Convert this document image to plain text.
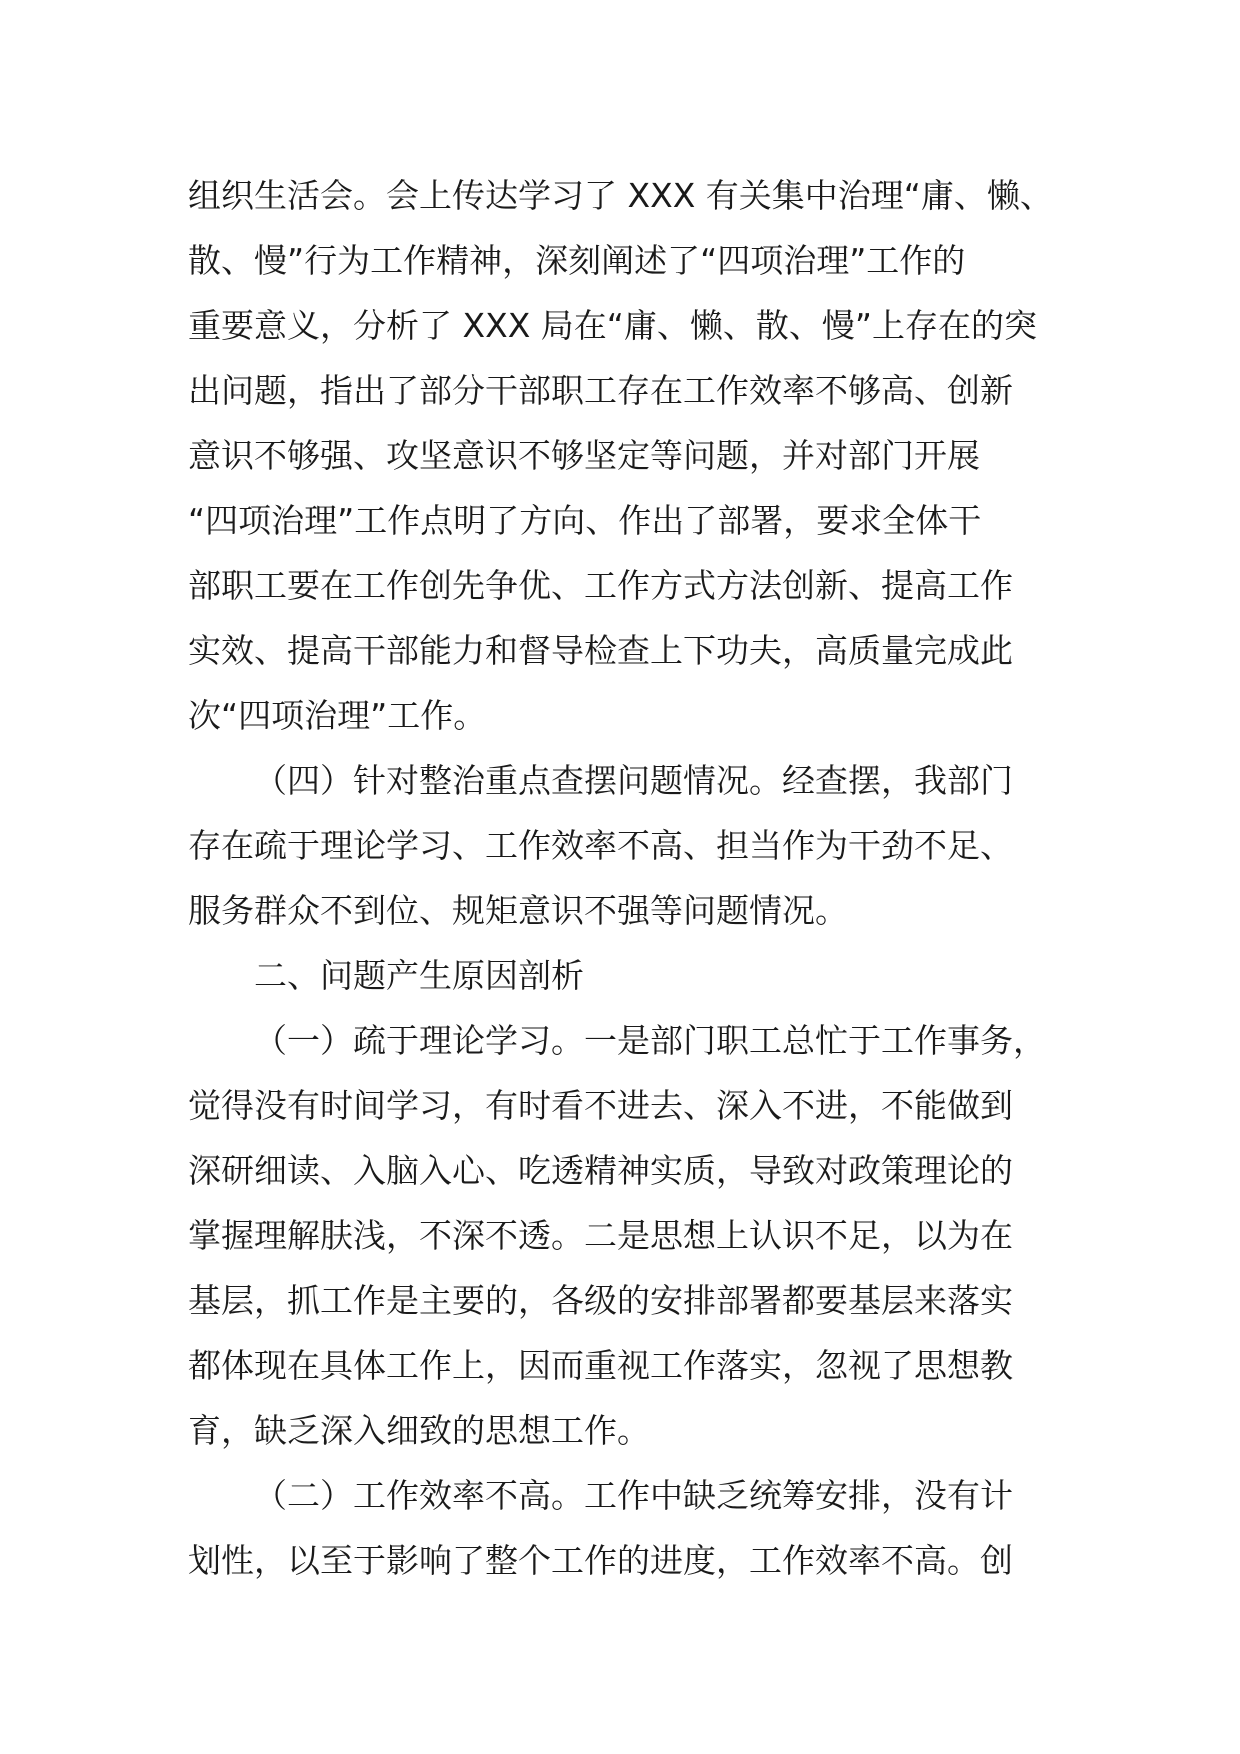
组织生活会。会上传达学习了 XXX 有关集中治理“庸、懒、
散、慢”行为工作精神，深刻阐述了“四项治理”工作的
重要意义，分析了 XXX 局在“庸、懒、散、慢”上存在的突
出问题，指出了部分干部职工存在工作效率不够高、创新
意识不够强、攻坚意识不够坚定等问题，并对部门开展
“四项治理”工作点明了方向、作出了部署，要求全体干
部职工要在工作创先争优、工作方式方法创新、提高工作
实效、提高干部能力和督导检查上下功夫，高质量完成此
次“四项治理”工作。
（四）针对整治重点查摆问题情况。经查摆，我部门
存在疏于理论学习、工作效率不高、担当作为干劲不足、
服务群众不到位、规矩意识不强等问题情况。
二、问题产生原因剖析
（一）疏于理论学习。一是部门职工总忙于工作事务，
觉得没有时间学习，有时看不进去、深入不进，不能做到
深研细读、入脑入心、吃透精神实质，导致对政策理论的
掌握理解肤浅，不深不透。二是思想上认识不足，以为在
基层，抓工作是主要的，各级的安排部署都要基层来落实
都体现在具体工作上，因而重视工作落实，忽视了思想教
育，缺乏深入细致的思想工作。
（二）工作效率不高。工作中缺乏统筹安排，没有计
划性，以至于影响了整个工作的进度，工作效率不高。创
